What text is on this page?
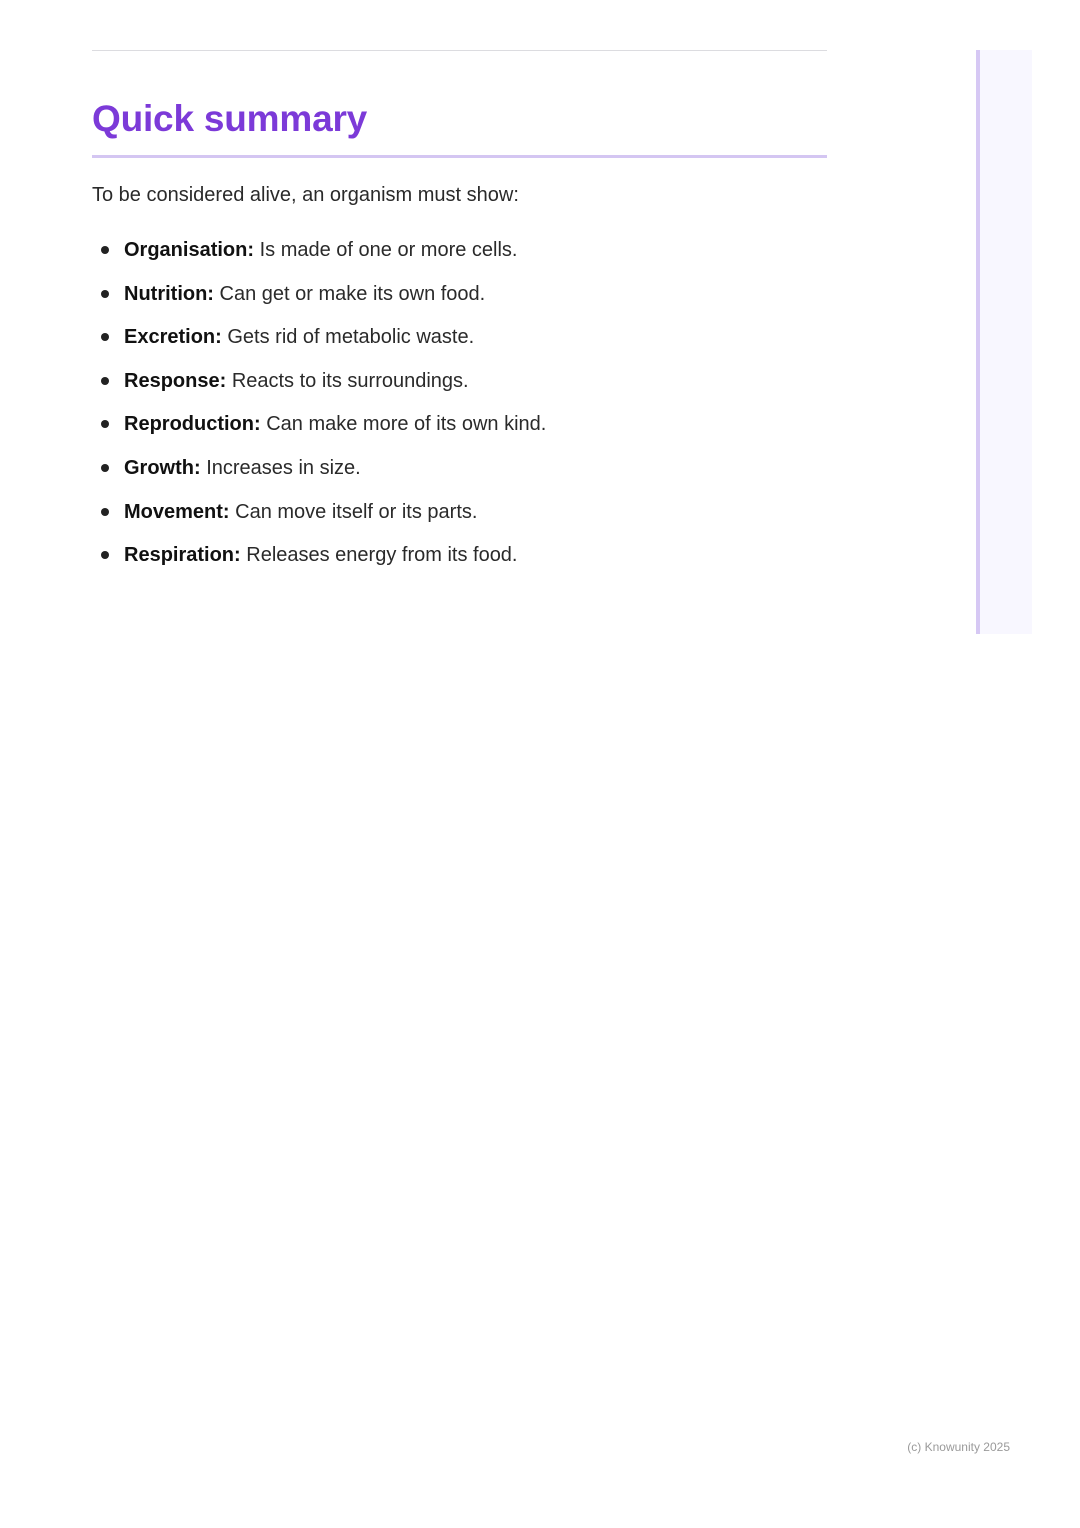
Quick summary

To be considered alive, an organism must show:

Organisation: Is made of one or more cells.
Nutrition: Can get or make its own food.
Excretion: Gets rid of metabolic waste.
Response: Reacts to its surroundings.
Reproduction: Can make more of its own kind.
Growth: Increases in size.
Movement: Can move itself or its parts.
Respiration: Releases energy from its food.
(c) Knowunity 2025
